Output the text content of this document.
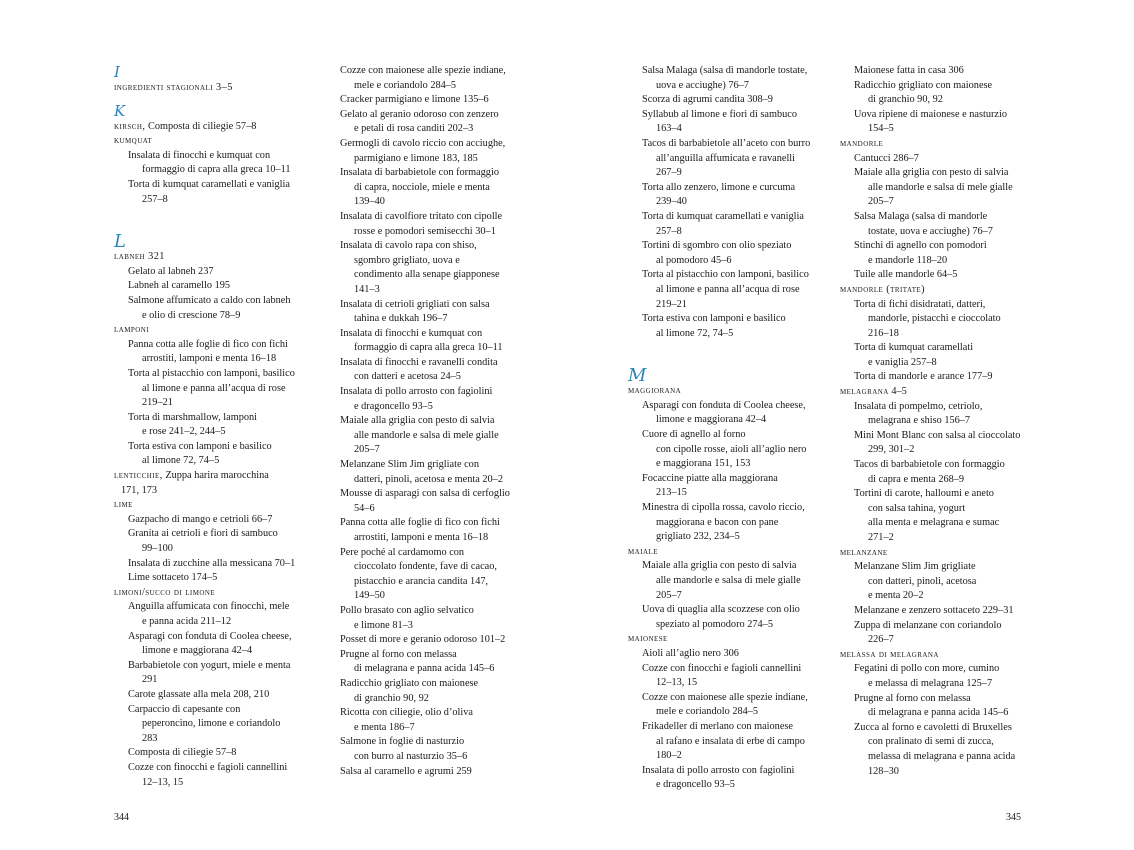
I
ingredienti stagionali 3–5
K
kirsch, Composta di ciliegie 57–8
kumquat
Insalata di finocchi e kumquat con
formaggio di capra alla greca 10–11
Torta di kumquat caramellati e vaniglia
257–8
L
labneh 321
Gelato al labneh 237
Labneh al caramello 195
Salmone affumicato a caldo con labneh
e olio di crescione 78–9
lamponi
Panna cotta alle foglie di fico con fichi
arrostiti, lamponi e menta 16–18
Torta al pistacchio con lamponi, basilico
al limone e panna all’acqua di rose
219–21
Torta di marshmallow, lamponi
e rose 241–2, 244–5
Torta estiva con lamponi e basilico
al limone 72, 74–5
lenticchie, Zuppa harira marocchina
171, 173
lime
Gazpacho di mango e cetrioli 66–7
Granita ai cetrioli e fiori di sambuco
99–100
Insalata di zucchine alla messicana 70–1
Lime sottaceto 174–5
limoni/succo di limone
Anguilla affumicata con finocchi, mele
e panna acida 211–12
Asparagi con fonduta di Coolea cheese,
limone e maggiorana 42–4
Barbabietole con yogurt, miele e menta
291
Carote glassate alla mela 208, 210
Carpaccio di capesante con
peperoncino, limone e coriandolo
283
Composta di ciliegie 57–8
Cozze con finocchi e fagioli cannellini
12–13, 15
Cozze con maionese alle spezie indiane,
mele e coriandolo 284–5
Cracker parmigiano e limone 135–6
Gelato al geranio odoroso con zenzero
e petali di rosa canditi 202–3
Germogli di cavolo riccio con acciughe,
parmigiano e limone 183, 185
Insalata di barbabietole con formaggio
di capra, nocciole, miele e menta
139–40
Insalata di cavolfiore tritato con cipolle
rosse e pomodori semisecchi 30–1
Insalata di cavolo rapa con shiso,
sgombro grigliato, uova e
condimento alla senape giapponese
141–3
Insalata di cetrioli grigliati con salsa
tahina e dukkah 196–7
Insalata di finocchi e kumquat con
formaggio di capra alla greca 10–11
Insalata di finocchi e ravanelli condita
con datteri e acetosa 24–5
Insalata di pollo arrosto con fagiolini
e dragoncello 93–5
Maiale alla griglia con pesto di salvia
alle mandorle e salsa di mele gialle
205–7
Melanzane Slim Jim grigliate con
datteri, pinoli, acetosa e menta 20–2
Mousse di asparagi con salsa di cerfoglio
54–6
Panna cotta alle foglie di fico con fichi
arrostiti, lamponi e menta 16–18
Pere poché al cardamomo con
cioccolato fondente, fave di cacao,
pistacchio e arancia candita 147,
149–50
Pollo brasato con aglio selvatico
e limone 81–3
Posset di more e geranio odoroso 101–2
Prugne al forno con melassa
di melagrana e panna acida 145–6
Radicchio grigliato con maionese
di granchio 90, 92
Ricotta con ciliegie, olio d’oliva
e menta 186–7
Salmone in foglie di nasturzio
con burro al nasturzio 35–6
Salsa al caramello e agrumi 259
Salsa Malaga (salsa di mandorle tostate,
uova e acciughe) 76–7
Scorza di agrumi candita 308–9
Syllabub al limone e fiori di sambuco
163–4
Tacos di barbabietole all’aceto con burro
all’anguilla affumicata e ravanelli
267–9
Torta allo zenzero, limone e curcuma
239–40
Torta di kumquat caramellati e vaniglia
257–8
Tortini di sgombro con olio speziato
al pomodoro 45–6
Torta al pistacchio con lamponi, basilico
al limone e panna all’acqua di rose
219–21
Torta estiva con lamponi e basilico
al limone 72, 74–5
M
maggiorana
Asparagi con fonduta di Coolea cheese,
limone e maggiorana 42–4
Cuore di agnello al forno
con cipolle rosse, aioli all’aglio nero
e maggiorana 151, 153
Focaccine piatte alla maggiorana
213–15
Minestra di cipolla rossa, cavolo riccio,
maggiorana e bacon con pane
grigliato 232, 234–5
maiale
Maiale alla griglia con pesto di salvia
alle mandorle e salsa di mele gialle
205–7
Uova di quaglia alla scozzese con olio
speziato al pomodoro 274–5
maionese
Aioli all’aglio nero 306
Cozze con finocchi e fagioli cannellini
12–13, 15
Cozze con maionese alle spezie indiane,
mele e coriandolo 284–5
Frikadeller di merlano con maionese
al rafano e insalata di erbe di campo
180–2
Insalata di pollo arrosto con fagiolini
e dragoncello 93–5
Maionese fatta in casa 306
Radicchio grigliato con maionese
di granchio 90, 92
Uova ripiene di maionese e nasturzio
154–5
mandorle
Cantucci 286–7
Maiale alla griglia con pesto di salvia
alle mandorle e salsa di mele gialle
205–7
Salsa Malaga (salsa di mandorle
tostate, uova e acciughe) 76–7
Stinchi di agnello con pomodori
e mandorle 118–20
Tuile alle mandorle 64–5
mandorle (tritate)
Torta di fichi disidratati, datteri,
mandorle, pistacchi e cioccolato
216–18
Torta di kumquat caramellati
e vaniglia 257–8
Torta di mandorle e arance 177–9
melagrana 4–5
Insalata di pompelmo, cetriolo,
melagrana e shiso 156–7
Mini Mont Blanc con salsa al cioccolato
299, 301–2
Tacos di barbabietole con formaggio
di capra e menta 268–9
Tortini di carote, halloumi e aneto
con salsa tahina, yogurt
alla menta e melagrana e sumac
271–2
melanzane
Melanzane Slim Jim grigliate
con datteri, pinoli, acetosa
e menta 20–2
Melanzane e zenzero sottaceto 229–31
Zuppa di melanzane con coriandolo
226–7
melassa di melagrana
Fegatini di pollo con more, cumino
e melassa di melagrana 125–7
Prugne al forno con melassa
di melagrana e panna acida 145–6
Zucca al forno e cavoletti di Bruxelles
con pralinato di semi di zucca,
melassa di melagrana e panna acida
128–30
344	345
